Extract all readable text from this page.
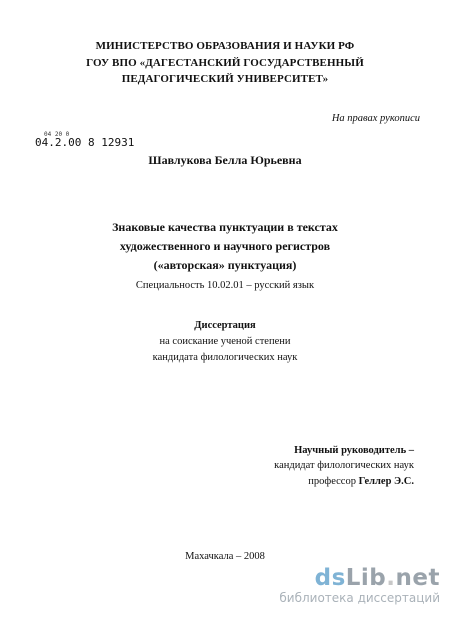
МИНИСТЕРСТВО ОБРАЗОВАНИЯ И НАУКИ РФ
ГОУ ВПО «ДАГЕСТАНСКИЙ ГОСУДАРСТВЕННЫЙ
ПЕДАГОГИЧЕСКИЙ УНИВЕРСИТЕТ»
На правах рукописи
04 20 0
04.2.00 8 12931
Шавлукова Белла Юрьевна
Знаковые качества пунктуации в текстах
художественного и научного регистров
(«авторская» пунктуация)
Специальность 10.02.01 – русский язык
Диссертация
на соискание ученой степени
кандидата филологических наук
Научный руководитель –
кандидат филологических наук
профессор Геллер Э.С.
Махачкала – 2008
dsLib.net
библиотека диссертаций
